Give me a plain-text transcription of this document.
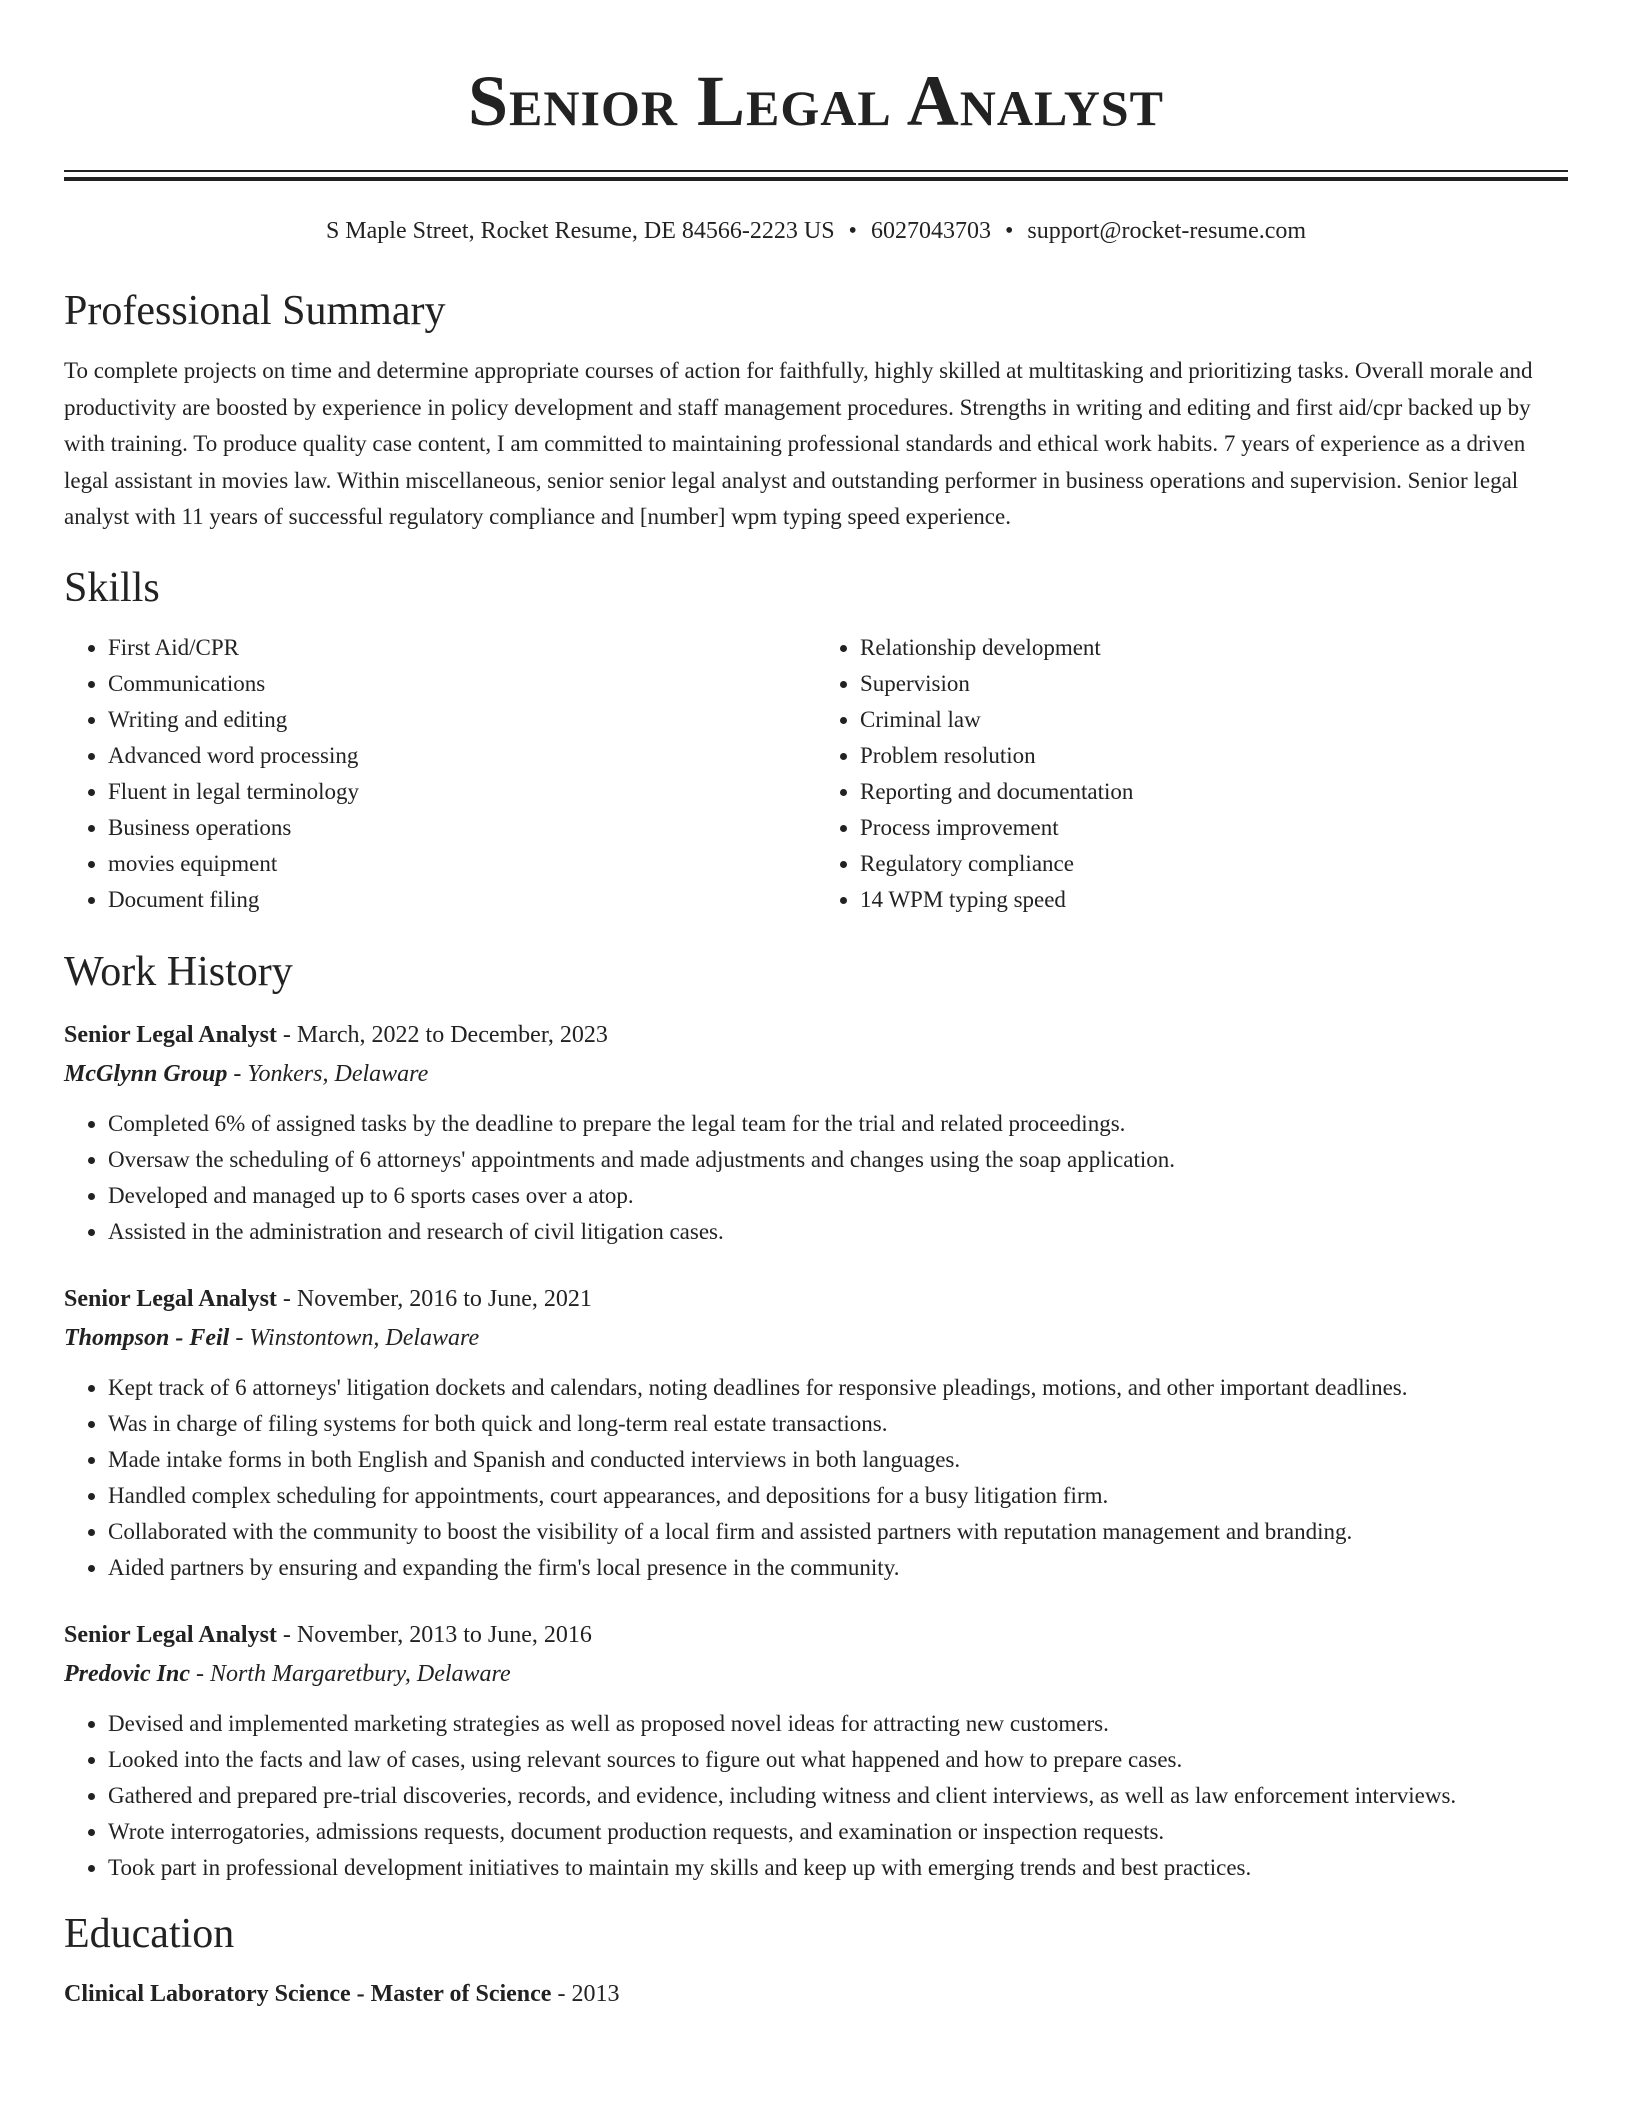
Senior Legal Analyst
S Maple Street, Rocket Resume, DE 84566-2223 US • 6027043703 • support@rocket-resume.com
Professional Summary
To complete projects on time and determine appropriate courses of action for faithfully, highly skilled at multitasking and prioritizing tasks. Overall morale and productivity are boosted by experience in policy development and staff management procedures. Strengths in writing and editing and first aid/cpr backed up by with training. To produce quality case content, I am committed to maintaining professional standards and ethical work habits. 7 years of experience as a driven legal assistant in movies law. Within miscellaneous, senior senior legal analyst and outstanding performer in business operations and supervision. Senior legal analyst with 11 years of successful regulatory compliance and [number] wpm typing speed experience.
Skills
• First Aid/CPR
• Communications
• Writing and editing
• Advanced word processing
• Fluent in legal terminology
• Business operations
• movies equipment
• Document filing
• Relationship development
• Supervision
• Criminal law
• Problem resolution
• Reporting and documentation
• Process improvement
• Regulatory compliance
• 14 WPM typing speed
Work History
Senior Legal Analyst - March, 2022 to December, 2023
McGlynn Group - Yonkers, Delaware
• Completed 6% of assigned tasks by the deadline to prepare the legal team for the trial and related proceedings.
• Oversaw the scheduling of 6 attorneys' appointments and made adjustments and changes using the soap application.
• Developed and managed up to 6 sports cases over a atop.
• Assisted in the administration and research of civil litigation cases.
Senior Legal Analyst - November, 2016 to June, 2021
Thompson - Feil - Winstontown, Delaware
• Kept track of 6 attorneys' litigation dockets and calendars, noting deadlines for responsive pleadings, motions, and other important deadlines.
• Was in charge of filing systems for both quick and long-term real estate transactions.
• Made intake forms in both English and Spanish and conducted interviews in both languages.
• Handled complex scheduling for appointments, court appearances, and depositions for a busy litigation firm.
• Collaborated with the community to boost the visibility of a local firm and assisted partners with reputation management and branding.
• Aided partners by ensuring and expanding the firm's local presence in the community.
Senior Legal Analyst - November, 2013 to June, 2016
Predovic Inc - North Margaretbury, Delaware
• Devised and implemented marketing strategies as well as proposed novel ideas for attracting new customers.
• Looked into the facts and law of cases, using relevant sources to figure out what happened and how to prepare cases.
• Gathered and prepared pre-trial discoveries, records, and evidence, including witness and client interviews, as well as law enforcement interviews.
• Wrote interrogatories, admissions requests, document production requests, and examination or inspection requests.
• Took part in professional development initiatives to maintain my skills and keep up with emerging trends and best practices.
Education
Clinical Laboratory Science - Master of Science - 2013
